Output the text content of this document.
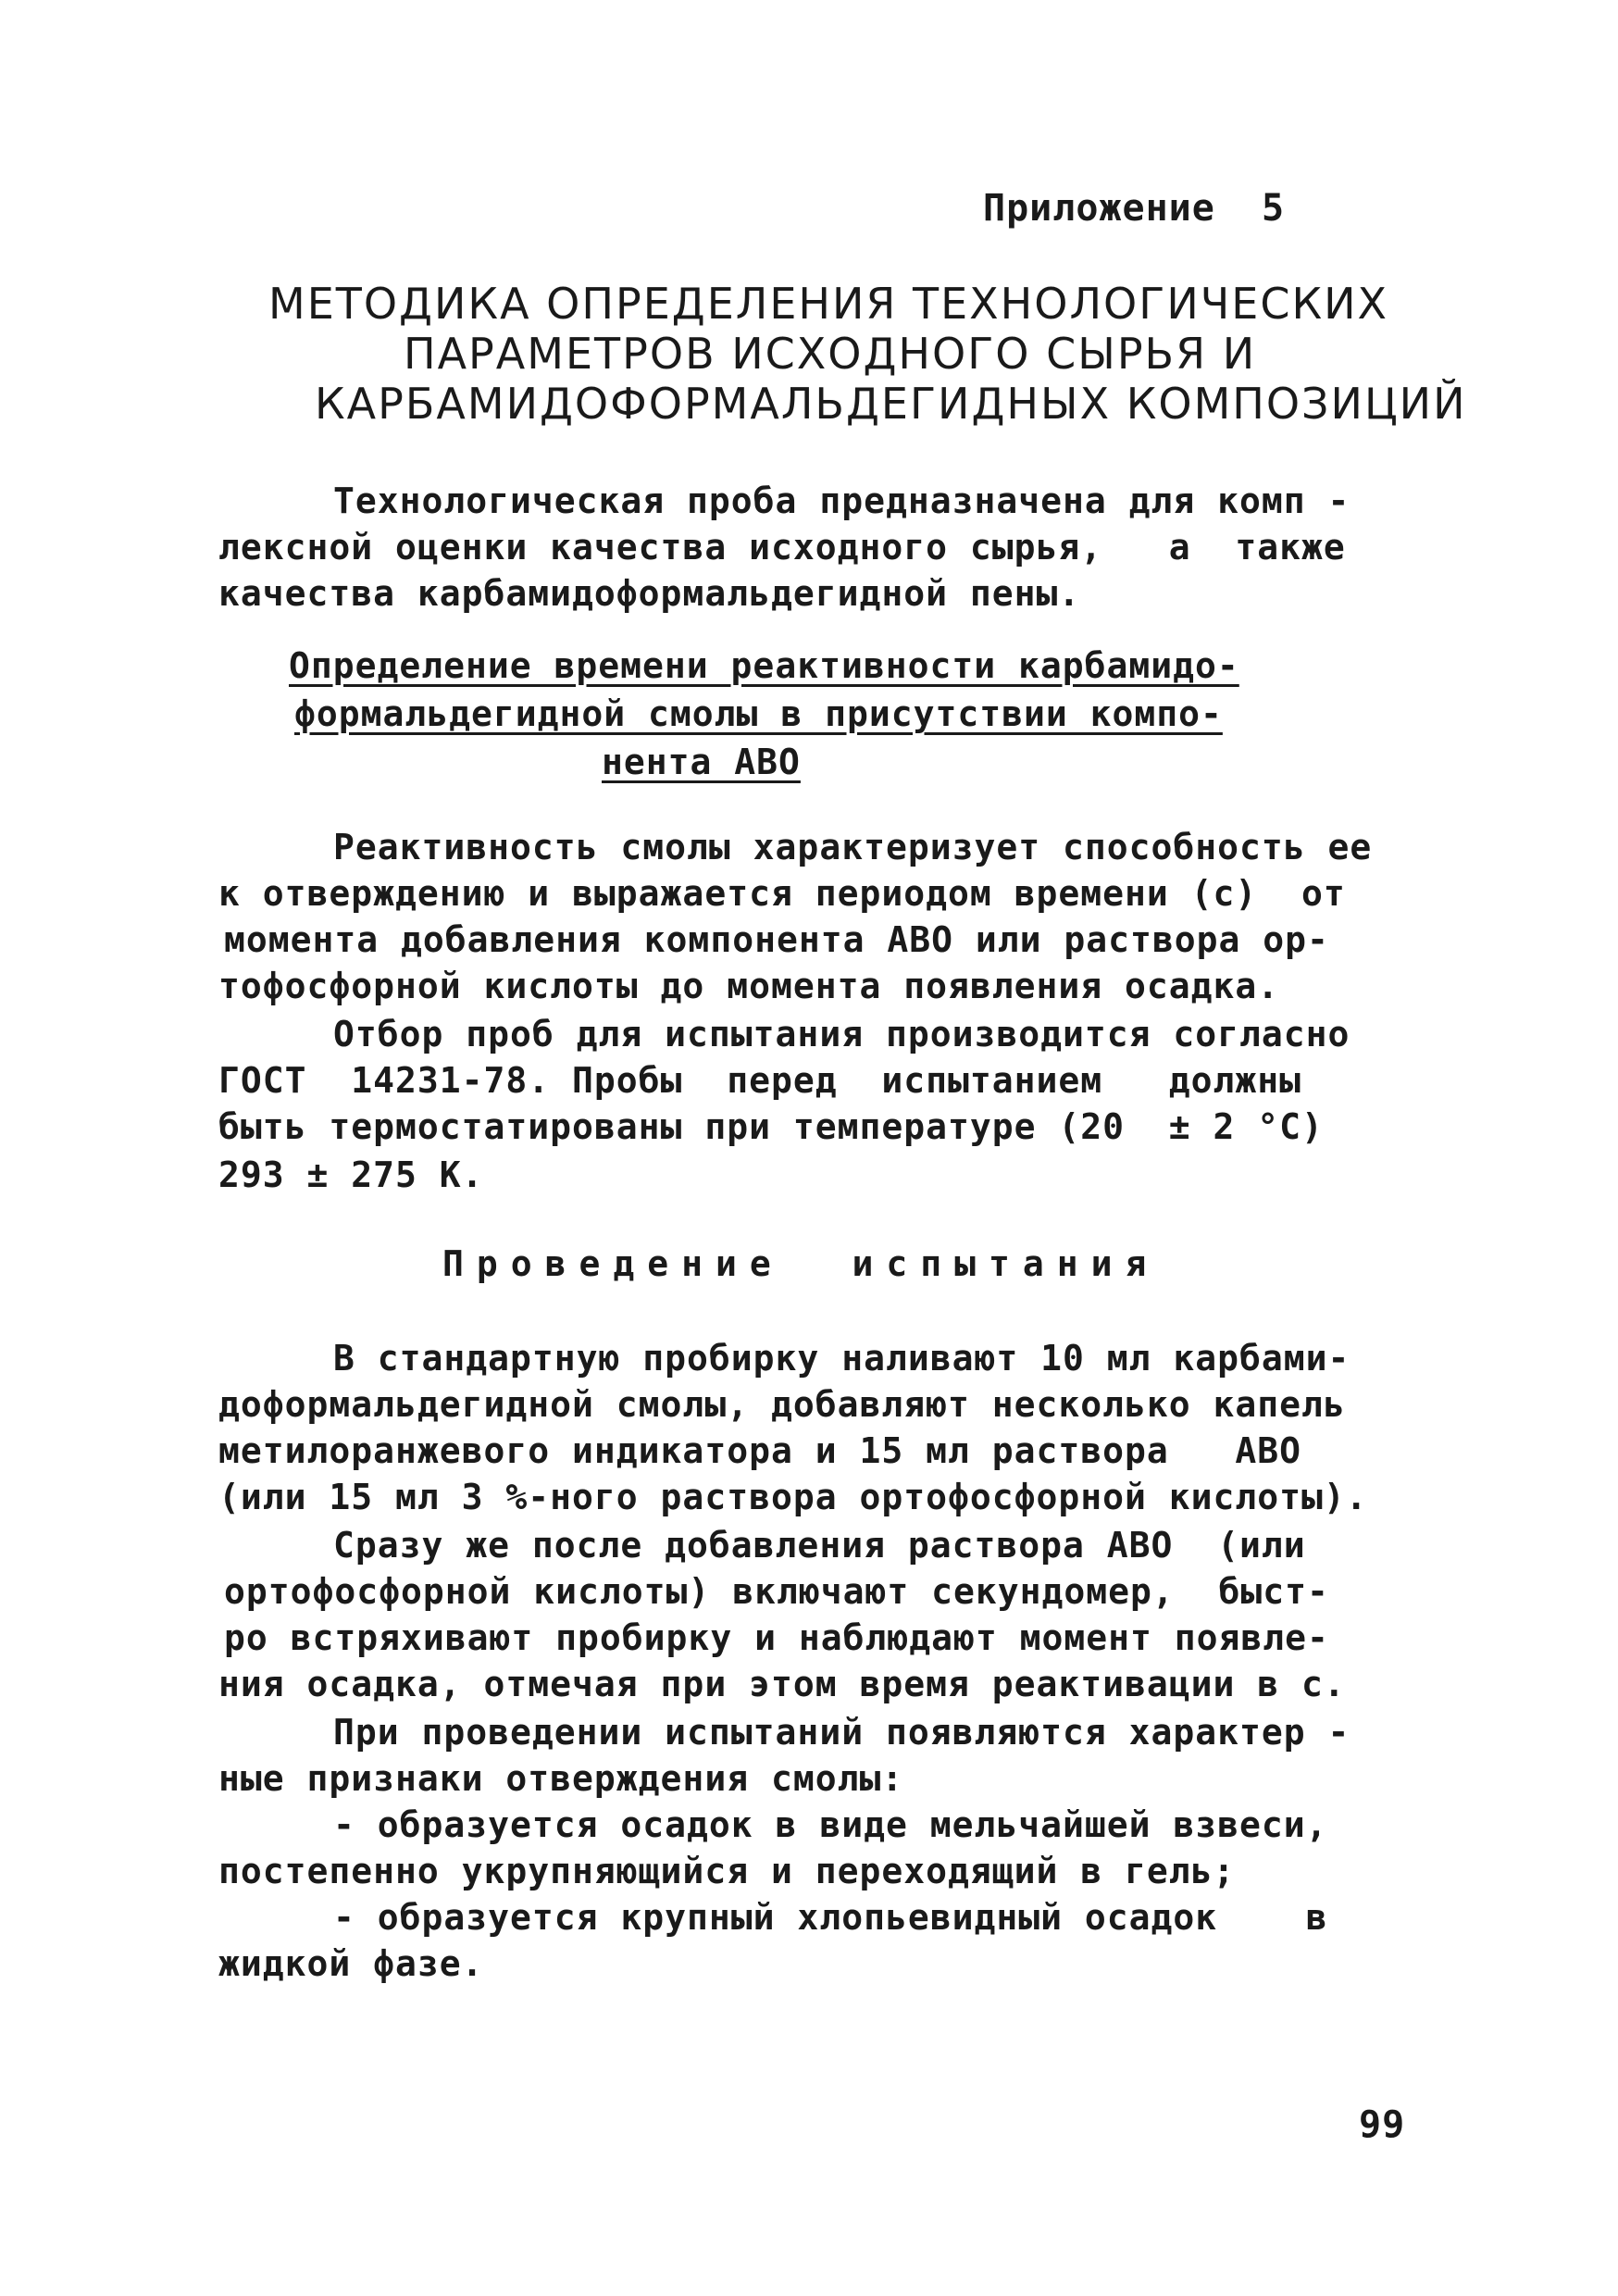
Приложение  5
МЕТОДИКА ОПРЕДЕЛЕНИЯ ТЕХНОЛОГИЧЕСКИХ
ПАРАМЕТРОВ ИСХОДНОГО СЫРЬЯ И
КАРБАМИДОФОРМАЛЬДЕГИДНЫХ КОМПОЗИЦИЙ
Технологическая проба предназначена для комп -
лексной оценки качества исходного сырья,   а  также
качества карбамидоформальдегидной пены.
Определение времени реактивности карбамидо-
формальдегидной смолы в присутствии компо-
нента АВО
Реактивность смолы характеризует способность ее
к отверждению и выражается периодом времени (с)  от
момента добавления компонента АВО или раствора ор-
тофосфорной кислоты до момента появления осадка.
Отбор проб для испытания производится согласно
ГОСТ  14231-78. Пробы  перед  испытанием   должны
быть термостатированы при температуре (20  ± 2 °С)
293 ± 275 К.
Проведение  испытания
В стандартную пробирку наливают 10 мл карбами-
доформальдегидной смолы, добавляют несколько капель
метилоранжевого индикатора и 15 мл раствора   АВО
(или 15 мл 3 %-ного раствора ортофосфорной кислоты).
Сразу же после добавления раствора АВО  (или
ортофосфорной кислоты) включают секундомер,  быст-
ро встряхивают пробирку и наблюдают момент появле-
ния осадка, отмечая при этом время реактивации в с.
При проведении испытаний появляются характер -
ные признаки отверждения смолы:
- образуется осадок в виде мельчайшей взвеси,
постепенно укрупняющийся и переходящий в гель;
- образуется крупный хлопьевидный осадок    в
жидкой фазе.
99
